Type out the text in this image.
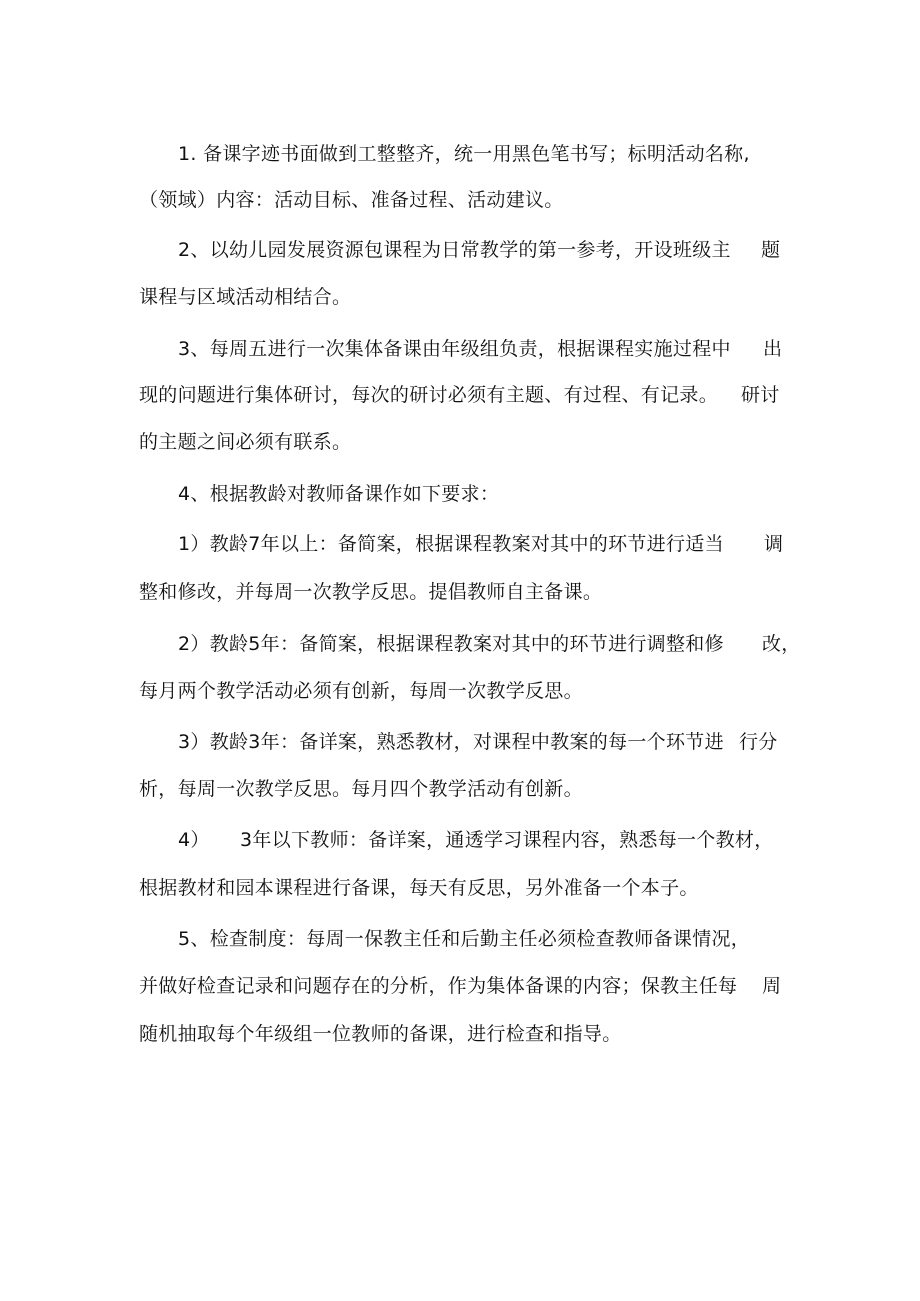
1. 备课字迹书面做到工整整齐，统一用黑色笔书写；标明活动名称,
（领域）内容：活动目标、准备过程、活动建议。
2、以幼儿园发展资源包课程为日常教学的第一参考，开设班级主 题
课程与区域活动相结合。
3、每周五进行一次集体备课由年级组负责，根据课程实施过程中 出
现的问题进行集体研讨，每次的研讨必须有主题、有过程、有记录。 研讨
的主题之间必须有联系。
4、根据教龄对教师备课作如下要求：
1）教龄7年以上：备简案，根据课程教案对其中的环节进行适当 调
整和修改，并每周一次教学反思。提倡教师自主备课。
2）教龄5年：备简案，根据课程教案对其中的环节进行调整和修 改，
每月两个教学活动必须有创新，每周一次教学反思。
3）教龄3年：备详案，熟悉教材，对课程中教案的每一个环节进 行分
析，每周一次教学反思。每月四个教学活动有创新。
4） 3年以下教师：备详案，通透学习课程内容，熟悉每一个教材，
根据教材和园本课程进行备课，每天有反思，另外准备一个本子。
5、检查制度：每周一保教主任和后勤主任必须检查教师备课情况，
并做好检查记录和问题存在的分析，作为集体备课的内容；保教主任每 周
随机抽取每个年级组一位教师的备课，进行检查和指导。
